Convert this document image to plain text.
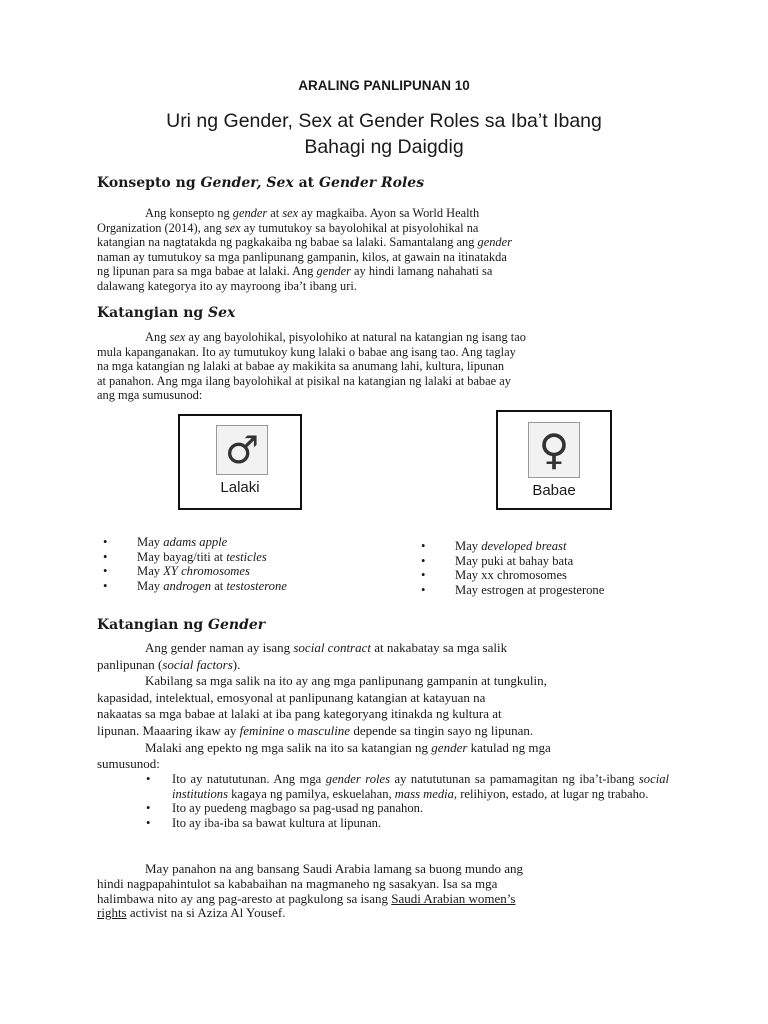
ARALING PANLIPUNAN 10
Uri ng Gender, Sex at Gender Roles sa Iba’t Ibang
Bahagi ng Daigdig
Konsepto ng Gender, Sex at Gender Roles
Ang konsepto ng gender at sex ay magkaiba. Ayon sa World Health
Organization (2014), ang sex ay tumutukoy sa bayolohikal at pisyolohikal na
katangian na nagtatakda ng pagkakaiba ng babae sa lalaki. Samantalang ang gender
naman ay tumutukoy sa mga panlipunang gampanin, kilos, at gawain na itinatakda
ng lipunan para sa mga babae at lalaki. Ang gender ay hindi lamang nahahati sa
dalawang kategorya ito ay mayroong iba’t ibang uri.
Katangian ng Sex
Ang sex ay ang bayolohikal, pisyolohiko at natural na katangian ng isang tao
mula kapanganakan. Ito ay tumutukoy kung lalaki o babae ang isang tao. Ang taglay
na mga katangian ng lalaki at babae ay makikita sa anumang lahi, kultura, lipunan
at panahon. Ang mga ilang bayolohikal at pisikal na katangian ng lalaki at babae ay
ang mga sumusunod:
♂
Lalaki
♀
Babae
• May adams apple
• May bayag/titi at testicles
• May XY chromosomes
• May androgen at testosterone
• May developed breast
• May puki at bahay bata
• May xx chromosomes
• May estrogen at progesterone
Katangian ng Gender
Ang gender naman ay isang social contract at nakabatay sa mga salik
panlipunan (social factors).
Kabilang sa mga salik na ito ay ang mga panlipunang gampanin at tungkulin,
kapasidad, intelektual, emosyonal at panlipunang katangian at katayuan na
nakaatas sa mga babae at lalaki at iba pang kategoryang itinakda ng kultura at
lipunan. Maaaring ikaw ay feminine o masculine depende sa tingin sayo ng lipunan.
Malaki ang epekto ng mga salik na ito sa katangian ng gender katulad ng mga
sumusunod:
• Ito ay natututunan. Ang mga gender roles ay natututunan sa pamamagitan ng iba’t-ibang social institutions kagaya ng pamilya, eskuelahan, mass media, relihiyon, estado, at lugar ng trabaho.
• Ito ay puedeng magbago sa pag-usad ng panahon.
• Ito ay iba-iba sa bawat kultura at lipunan.
May panahon na ang bansang Saudi Arabia lamang sa buong mundo ang
hindi nagpapahintulot sa kababaihan na magmaneho ng sasakyan. Isa sa mga
halimbawa nito ay ang pag-aresto at pagkulong sa isang Saudi Arabian women’s
rights activist na si Aziza Al Yousef.
